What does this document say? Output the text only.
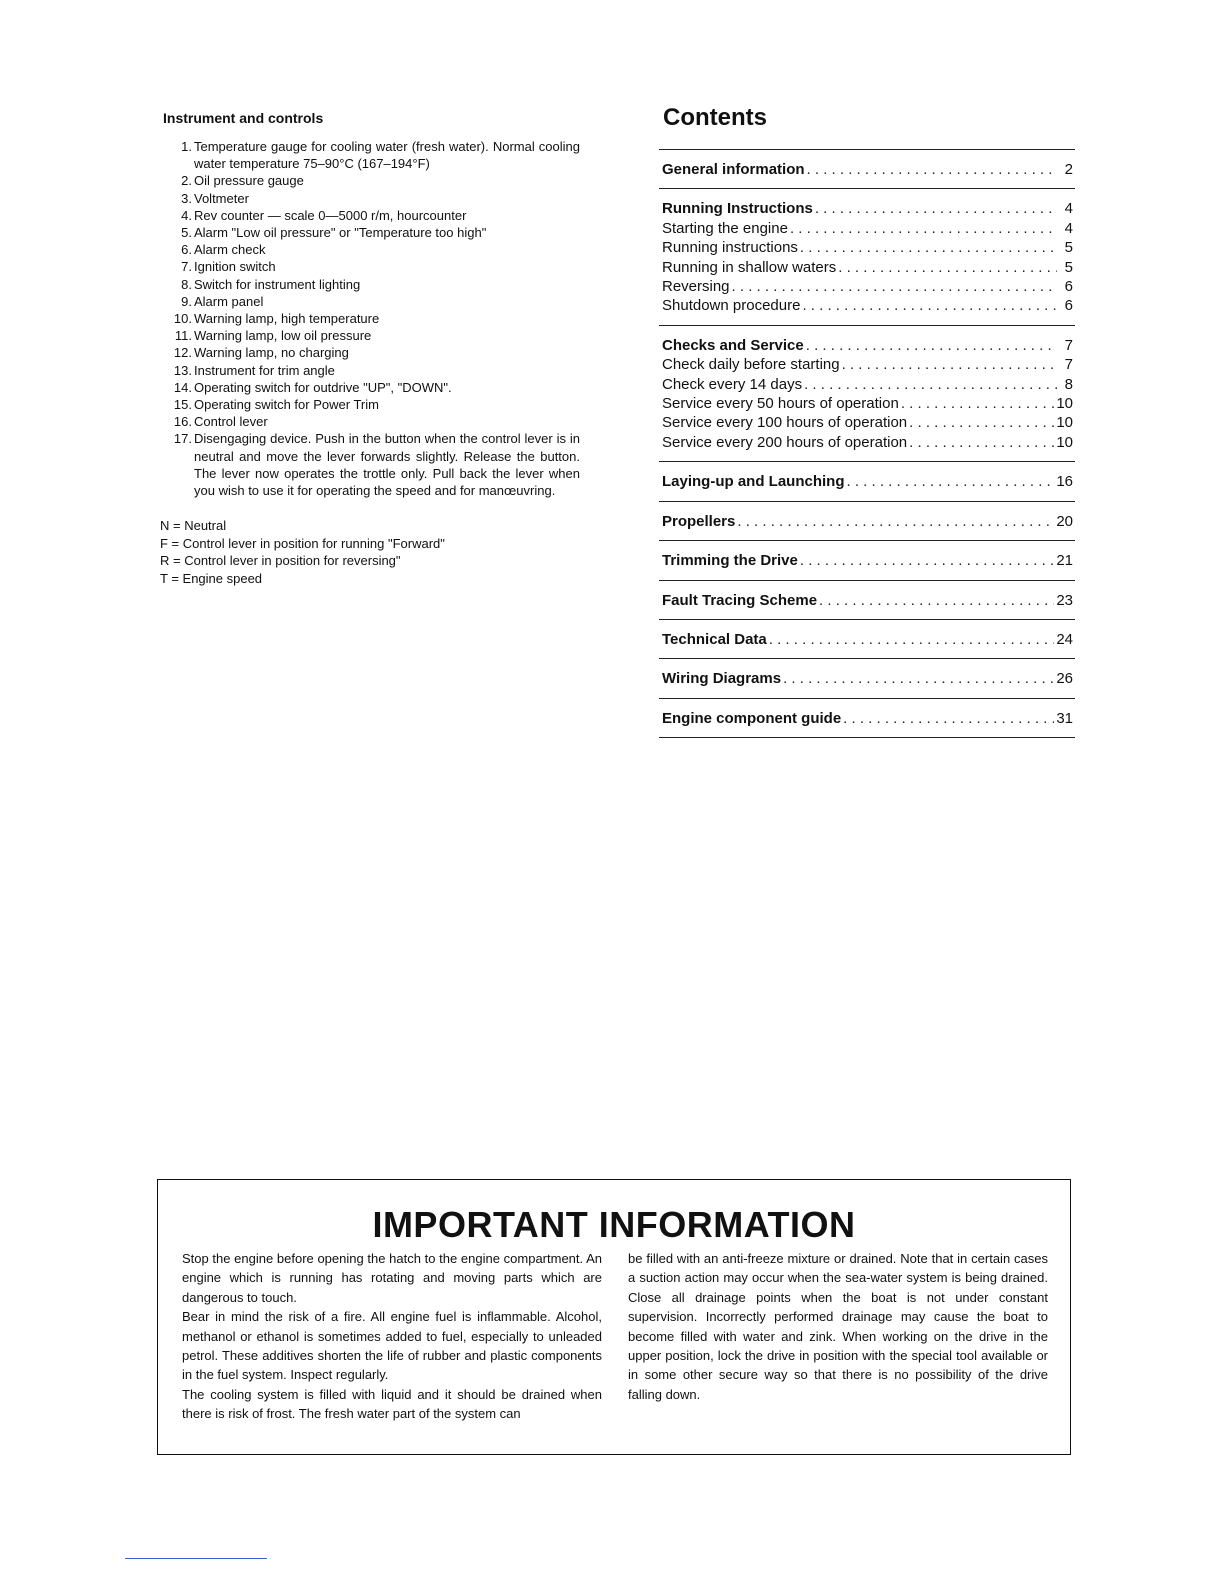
Instrument and controls
1. Temperature gauge for cooling water (fresh water). Normal cooling water temperature 75–90°C (167–194°F)
2. Oil pressure gauge
3. Voltmeter
4. Rev counter — scale 0—5000 r/m, hourcounter
5. Alarm "Low oil pressure" or "Temperature too high"
6. Alarm check
7. Ignition switch
8. Switch for instrument lighting
9. Alarm panel
10. Warning lamp, high temperature
11. Warning lamp, low oil pressure
12. Warning lamp, no charging
13. Instrument for trim angle
14. Operating switch for outdrive "UP", "DOWN".
15. Operating switch for Power Trim
16. Control lever
17. Disengaging device. Push in the button when the control lever is in neutral and move the lever forwards slightly. Release the button. The lever now operates the trottle only. Pull back the lever when you wish to use it for operating the speed and for manœuvring.
N = Neutral
F = Control lever in position for running "Forward"
R = Control lever in position for reversing"
T = Engine speed
Contents
General information . . .	2
Running Instructions . . .	4
Starting the engine . . .	4
Running instructions . . .	5
Running in shallow waters . . .	5
Reversing . . .	6
Shutdown procedure . . .	6
Checks and Service . . .	7
Check daily before starting . . .	7
Check every 14 days . . .	8
Service every 50 hours of operation . . .	10
Service every 100 hours of operation . . .	10
Service every 200 hours of operation . . .	10
Laying-up and Launching . . .	16
Propellers . . .	20
Trimming the Drive . . .	21
Fault Tracing Scheme . . .	23
Technical Data . . .	24
Wiring Diagrams . . .	26
Engine component guide . . .	31
IMPORTANT INFORMATION

Stop the engine before opening the hatch to the engine compartment. An engine which is running has rotating and moving parts which are dangerous to touch.

Bear in mind the risk of a fire. All engine fuel is inflammable. Alcohol, methanol or ethanol is sometimes added to fuel, especially to unleaded petrol. These additives shorten the life of rubber and plastic components in the fuel system. Inspect regularly.

The cooling system is filled with liquid and it should be drained when there is risk of frost. The fresh water part of the system can

be filled with an anti-freeze mixture or drained. Note that in certain cases a suction action may occur when the sea-water system is being drained. Close all drainage points when the boat is not under constant supervision. Incorrectly performed drainage may cause the boat to become filled with water and zink. When working on the drive in the upper position, lock the drive in position with the special tool available or in some other secure way so that there is no possibility of the drive falling down.
